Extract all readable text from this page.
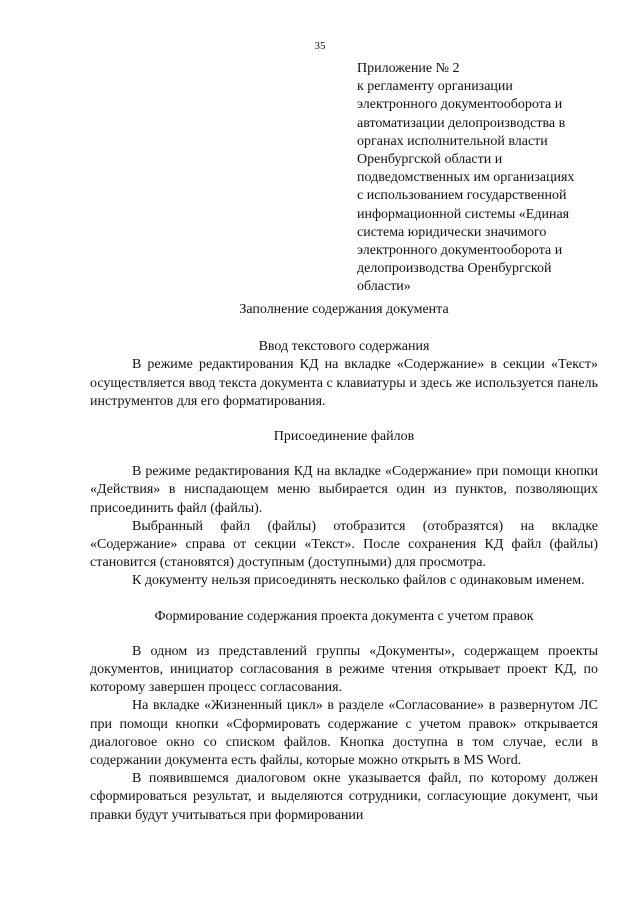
35
Приложение № 2
к регламенту организации
электронного документооборота и
автоматизации делопроизводства в
органах исполнительной власти
Оренбургской области и
подведомственных им организациях
с использованием государственной
информационной системы «Единая
система юридически значимого
электронного документооборота и
делопроизводства Оренбургской
области»
Заполнение содержания документа
Ввод текстового содержания

В режиме редактирования КД на вкладке «Содержание» в секции «Текст» осуществляется ввод текста документа с клавиатуры и здесь же используется панель инструментов для его форматирования.

Присоединение файлов

В режиме редактирования КД на вкладке «Содержание» при помощи кнопки «Действия» в ниспадающем меню выбирается один из пунктов, позволяющих присоединить файл (файлы).

Выбранный файл (файлы) отобразится (отобразятся) на вкладке «Содержание» справа от секции «Текст». После сохранения КД файл (файлы) становится (становятся) доступным (доступными) для просмотра.

К документу нельзя присоединять несколько файлов с одинаковым именем.

Формирование содержания проекта документа с учетом правок

В одном из представлений группы «Документы», содержащем проекты документов, инициатор согласования в режиме чтения открывает проект КД, по которому завершен процесс согласования.

На вкладке «Жизненный цикл» в разделе «Согласование» в развернутом ЛС при помощи кнопки «Сформировать содержание с учетом правок» открывается диалоговое окно со списком файлов. Кнопка доступна в том случае, если в содержании документа есть файлы, которые можно открыть в MS Word.

В появившемся диалоговом окне указывается файл, по которому должен сформироваться результат, и выделяются сотрудники, согласующие документ, чьи правки будут учитываться при формировании
